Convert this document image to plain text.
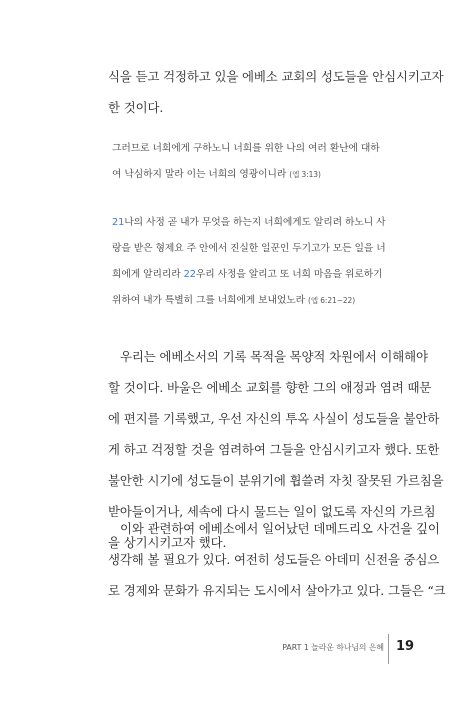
식을 듣고 걱정하고 있을 에베소 교회의 성도들을 안심시키고자
한 것이다.
그러므로 너희에게 구하노니 너희를 위한 나의 여러 환난에 대하
여 낙심하지 말라 이는 너희의 영광이니라 (엡 3:13)
21나의 사정 곧 내가 무엇을 하는지 너희에게도 알리려 하노니 사
랑을 받은 형제요 주 안에서 진실한 일꾼인 두기고가 모든 일을 너
희에게 알리리라 22우리 사정을 알리고 또 너희 마음을 위로하기
위하여 내가 특별히 그를 너희에게 보내었노라 (엡 6:21~22)
우리는 에베소서의 기록 목적을 목양적 차원에서 이해해야
할 것이다. 바울은 에베소 교회를 향한 그의 애정과 염려 때문
에 편지를 기록했고, 우선 자신의 투옥 사실이 성도들을 불안하
게 하고 걱정할 것을 염려하여 그들을 안심시키고자 했다. 또한
불안한 시기에 성도들이 분위기에 휩쓸려 자칫 잘못된 가르침을
받아들이거나, 세속에 다시 물드는 일이 없도록 자신의 가르침
을 상기시키고자 했다.
이와 관련하여 에베소에서 일어났던 데메드리오 사건을 깊이
생각해 볼 필요가 있다. 여전히 성도들은 아데미 신전을 중심으
로 경제와 문화가 유지되는 도시에서 살아가고 있다. 그들은 “크
PART 1 놀라운 하나님의 은혜 19
